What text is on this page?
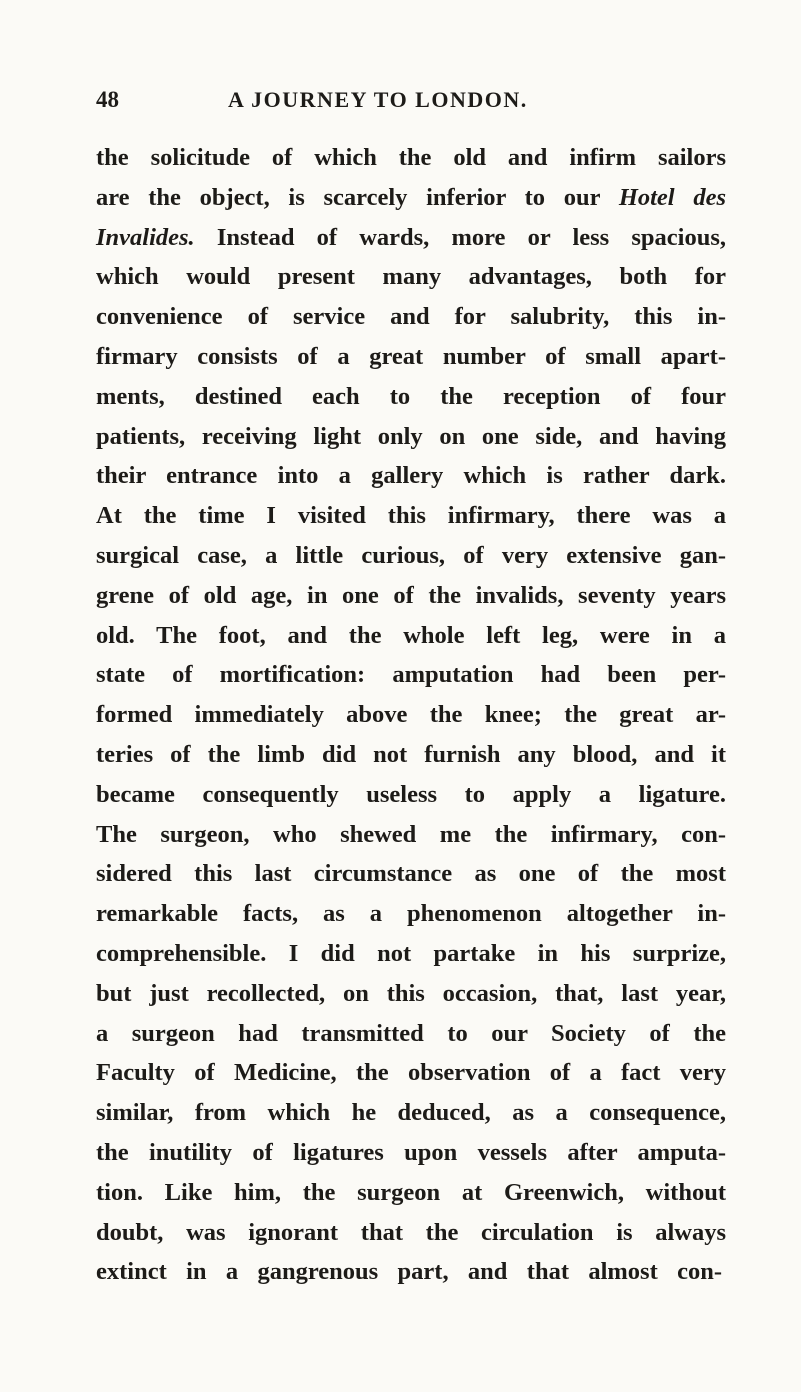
48	A JOURNEY TO LONDON.
the solicitude of which the old and infirm sailors
are the object, is scarcely inferior to our Hotel des
Invalides. Instead of wards, more or less spacious,
which would present many advantages, both for
convenience of service and for salubrity, this in-
firmary consists of a great number of small apart-
ments, destined each to the reception of four
patients, receiving light only on one side, and having
their entrance into a gallery which is rather dark.
At the time I visited this infirmary, there was a
surgical case, a little curious, of very extensive gan-
grene of old age, in one of the invalids, seventy years
old. The foot, and the whole left leg, were in a
state of mortification: amputation had been per-
formed immediately above the knee; the great ar-
teries of the limb did not furnish any blood, and it
became consequently useless to apply a ligature.
The surgeon, who shewed me the infirmary, con-
sidered this last circumstance as one of the most
remarkable facts, as a phenomenon altogether in-
comprehensible. I did not partake in his surprize,
but just recollected, on this occasion, that, last year,
a surgeon had transmitted to our Society of the
Faculty of Medicine, the observation of a fact very
similar, from which he deduced, as a consequence,
the inutility of ligatures upon vessels after amputa-
tion. Like him, the surgeon at Greenwich, without
doubt, was ignorant that the circulation is always
extinct in a gangrenous part, and that almost con-
